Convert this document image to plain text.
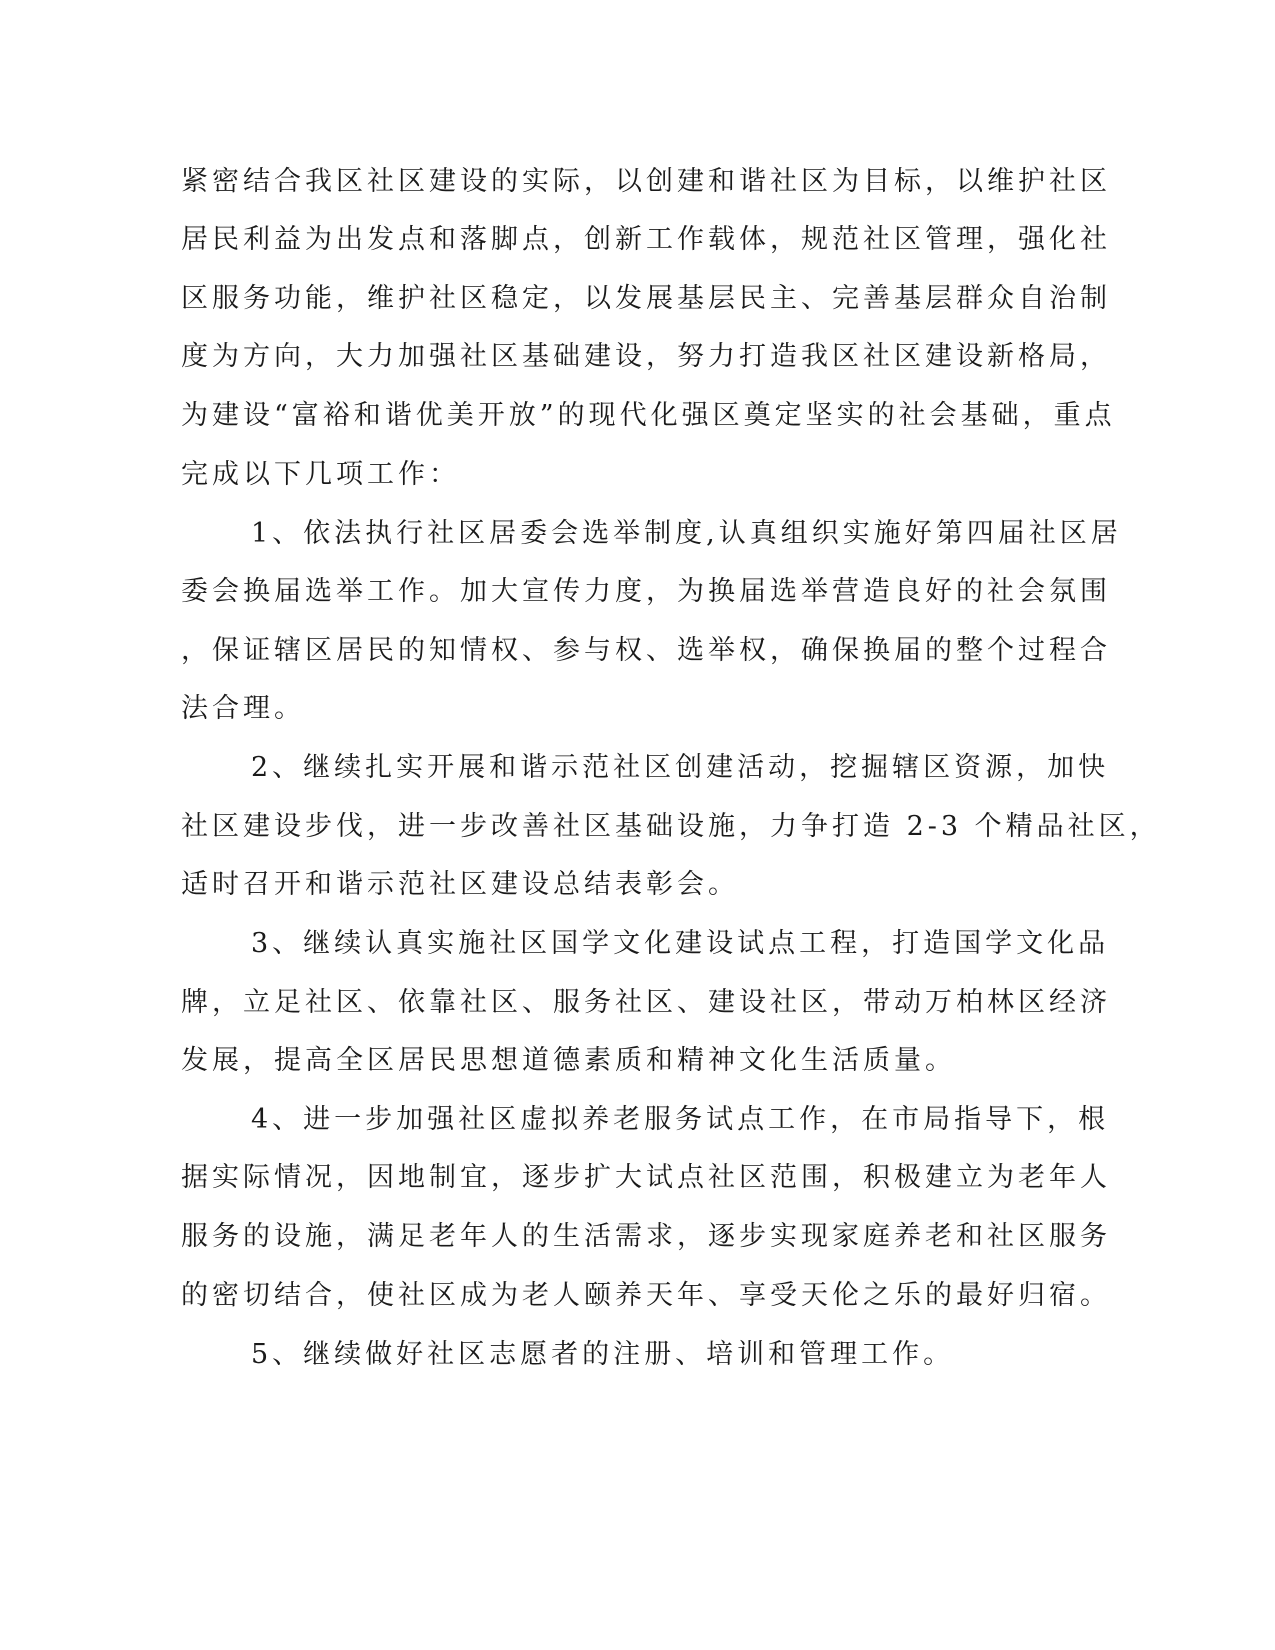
紧密结合我区社区建设的实际，以创建和谐社区为目标，以维护社区
居民利益为出发点和落脚点，创新工作载体，规范社区管理，强化社
区服务功能，维护社区稳定，以发展基层民主、完善基层群众自治制
度为方向，大力加强社区基础建设，努力打造我区社区建设新格局，
为建设“富裕和谐优美开放”的现代化强区奠定坚实的社会基础，重点
完成以下几项工作：
1、依法执行社区居委会选举制度,认真组织实施好第四届社区居
委会换届选举工作。加大宣传力度，为换届选举营造良好的社会氛围
，保证辖区居民的知情权、参与权、选举权，确保换届的整个过程合
法合理。
2、继续扎实开展和谐示范社区创建活动，挖掘辖区资源，加快
社区建设步伐，进一步改善社区基础设施，力争打造 2-3 个精品社区，
适时召开和谐示范社区建设总结表彰会。
3、继续认真实施社区国学文化建设试点工程，打造国学文化品
牌，立足社区、依靠社区、服务社区、建设社区，带动万柏林区经济
发展，提高全区居民思想道德素质和精神文化生活质量。
4、进一步加强社区虚拟养老服务试点工作，在市局指导下，根
据实际情况，因地制宜，逐步扩大试点社区范围，积极建立为老年人
服务的设施，满足老年人的生活需求，逐步实现家庭养老和社区服务
的密切结合，使社区成为老人颐养天年、享受天伦之乐的最好归宿。
5、继续做好社区志愿者的注册、培训和管理工作。
